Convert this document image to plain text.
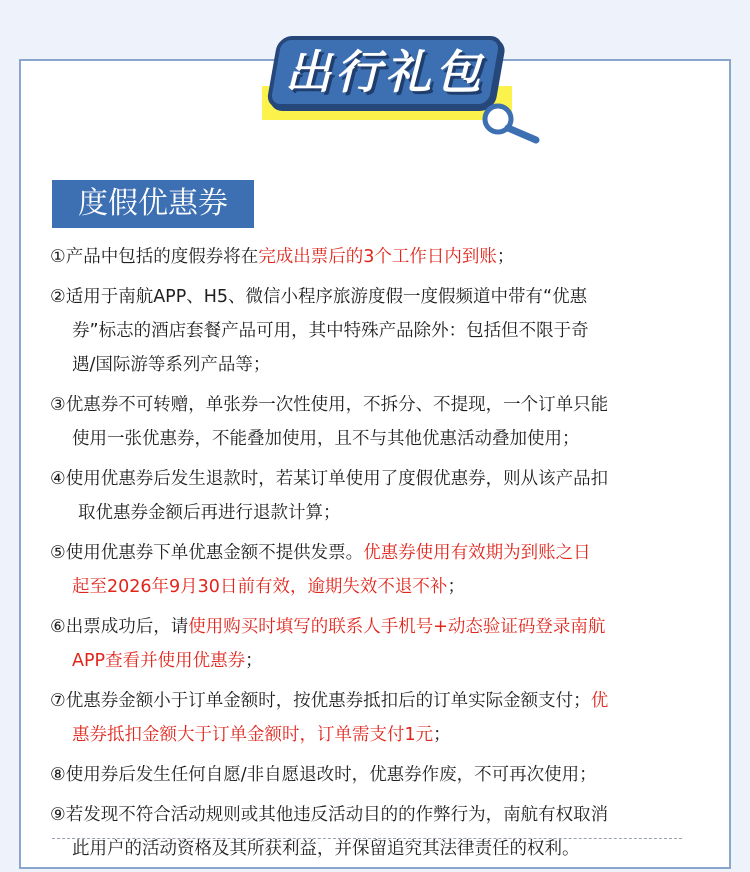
出行礼包
度假优惠券
①产品中包括的度假券将在完成出票后的3个工作日内到账；
②适用于南航APP、H5、微信小程序旅游度假一度假频道中带有“优惠
券”标志的酒店套餐产品可用，其中特殊产品除外：包括但不限于奇
遇/国际游等系列产品等；
③优惠券不可转赠，单张券一次性使用，不拆分、不提现，一个订单只能
使用一张优惠券，不能叠加使用，且不与其他优惠活动叠加使用；
④使用优惠券后发生退款时，若某订单使用了度假优惠券，则从该产品扣
取优惠券金额后再进行退款计算；
⑤使用优惠券下单优惠金额不提供发票。优惠券使用有效期为到账之日
起至2026年9月30日前有效，逾期失效不退不补；
⑥出票成功后，请使用购买时填写的联系人手机号+动态验证码登录南航
APP查看并使用优惠券；
⑦优惠券金额小于订单金额时，按优惠券抵扣后的订单实际金额支付；优
惠券抵扣金额大于订单金额时，订单需支付1元；
⑧使用券后发生任何自愿/非自愿退改时，优惠券作废，不可再次使用；
⑨若发现不符合活动规则或其他违反活动目的的作弊行为，南航有权取消
此用户的活动资格及其所获利益，并保留追究其法律责任的权利。
